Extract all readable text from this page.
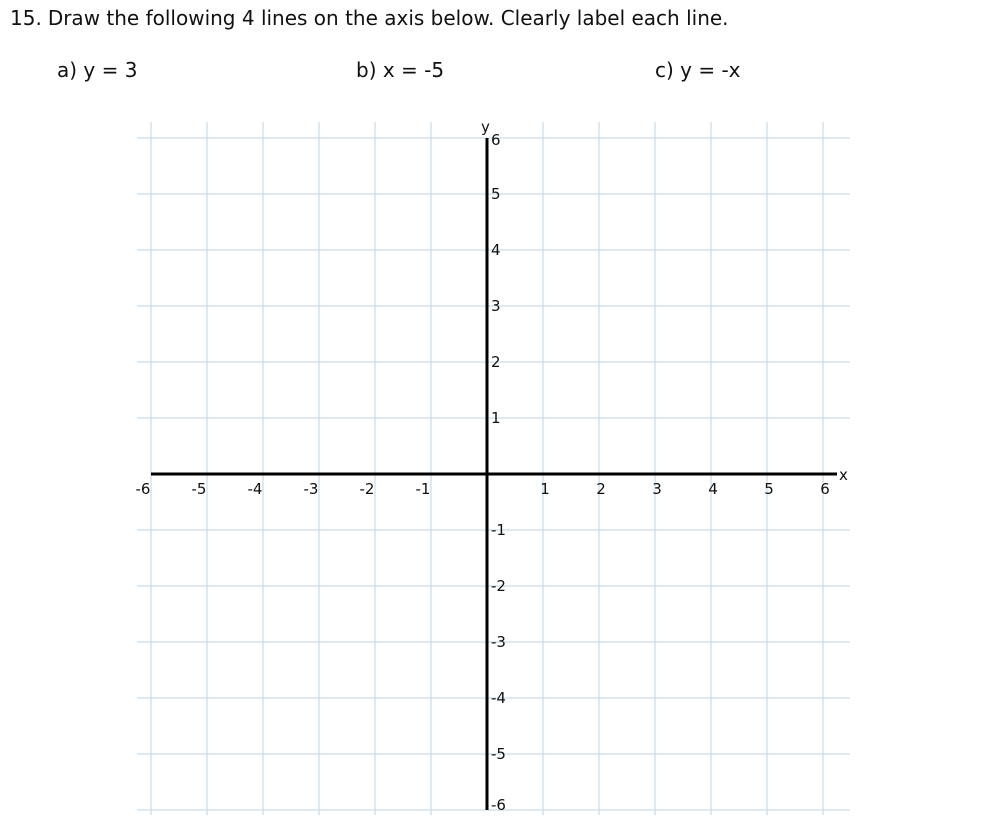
15. Draw the following 4 lines on the axis below. Clearly label each line.
a) y = 3	b) x = -5	c) y = -x
-6	-5	-4	-3	-2	-1	1	2	3	4	5	6
6
5
4
3
2
1
-1
-2
-3
-4
-5
-6
x
y
